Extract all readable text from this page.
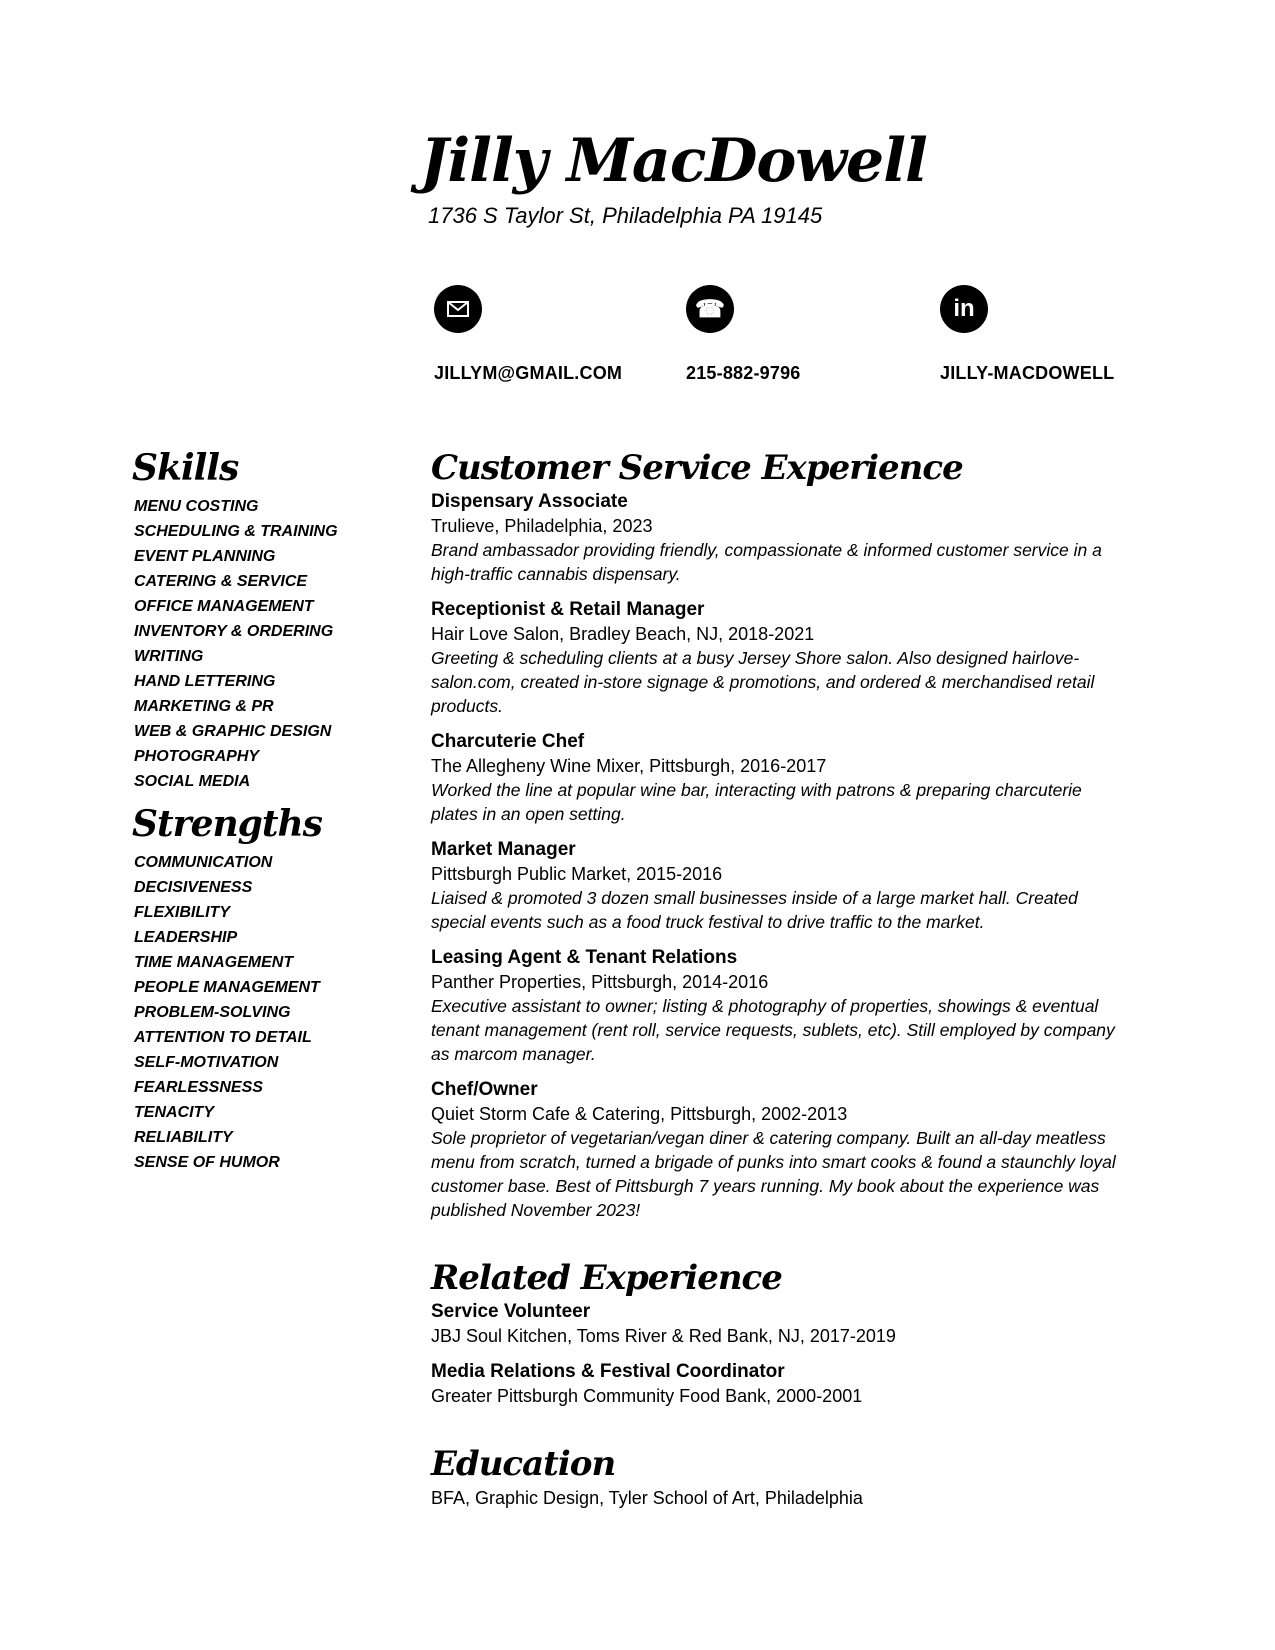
Jilly MacDowell
1736 S Taylor St, Philadelphia PA 19145
JILLYM@GMAIL.COM
☎
215-882-9796
in
JILLY-MACDOWELL
Skills
MENU COSTING
SCHEDULING & TRAINING
EVENT PLANNING
CATERING & SERVICE
OFFICE MANAGEMENT
INVENTORY & ORDERING
WRITING
HAND LETTERING
MARKETING & PR
WEB & GRAPHIC DESIGN
PHOTOGRAPHY
SOCIAL MEDIA
Strengths
COMMUNICATION
DECISIVENESS
FLEXIBILITY
LEADERSHIP
TIME MANAGEMENT
PEOPLE MANAGEMENT
PROBLEM-SOLVING
ATTENTION TO DETAIL
SELF-MOTIVATION
FEARLESSNESS
TENACITY
RELIABILITY
SENSE OF HUMOR
Customer Service Experience
Dispensary Associate
Trulieve, Philadelphia, 2023
Brand ambassador providing friendly, compassionate & informed customer service in a high-traffic cannabis dispensary.
Receptionist & Retail Manager
Hair Love Salon, Bradley Beach, NJ, 2018-2021
Greeting & scheduling clients at a busy Jersey Shore salon. Also designed hairlove-salon.com, created in-store signage & promotions, and ordered & merchandised retail products.
Charcuterie Chef
The Allegheny Wine Mixer, Pittsburgh, 2016-2017
Worked the line at popular wine bar, interacting with patrons & preparing charcuterie plates in an open setting.
Market Manager
Pittsburgh Public Market, 2015-2016
Liaised & promoted 3 dozen small businesses inside of a large market hall. Created special events such as a food truck festival to drive traffic to the market.
Leasing Agent & Tenant Relations
Panther Properties, Pittsburgh, 2014-2016
Executive assistant to owner; listing & photography of properties, showings & eventual tenant management (rent roll, service requests, sublets, etc). Still employed by company as marcom manager.
Chef/Owner
Quiet Storm Cafe & Catering, Pittsburgh, 2002-2013
Sole proprietor of vegetarian/vegan diner & catering company. Built an all-day meatless menu from scratch, turned a brigade of punks into smart cooks & found a staunchly loyal customer base. Best of Pittsburgh 7 years running. My book about the experience was published November 2023!
Related Experience
Service Volunteer
JBJ Soul Kitchen, Toms River & Red Bank, NJ, 2017-2019
Media Relations & Festival Coordinator
Greater Pittsburgh Community Food Bank, 2000-2001
Education
BFA, Graphic Design, Tyler School of Art, Philadelphia
